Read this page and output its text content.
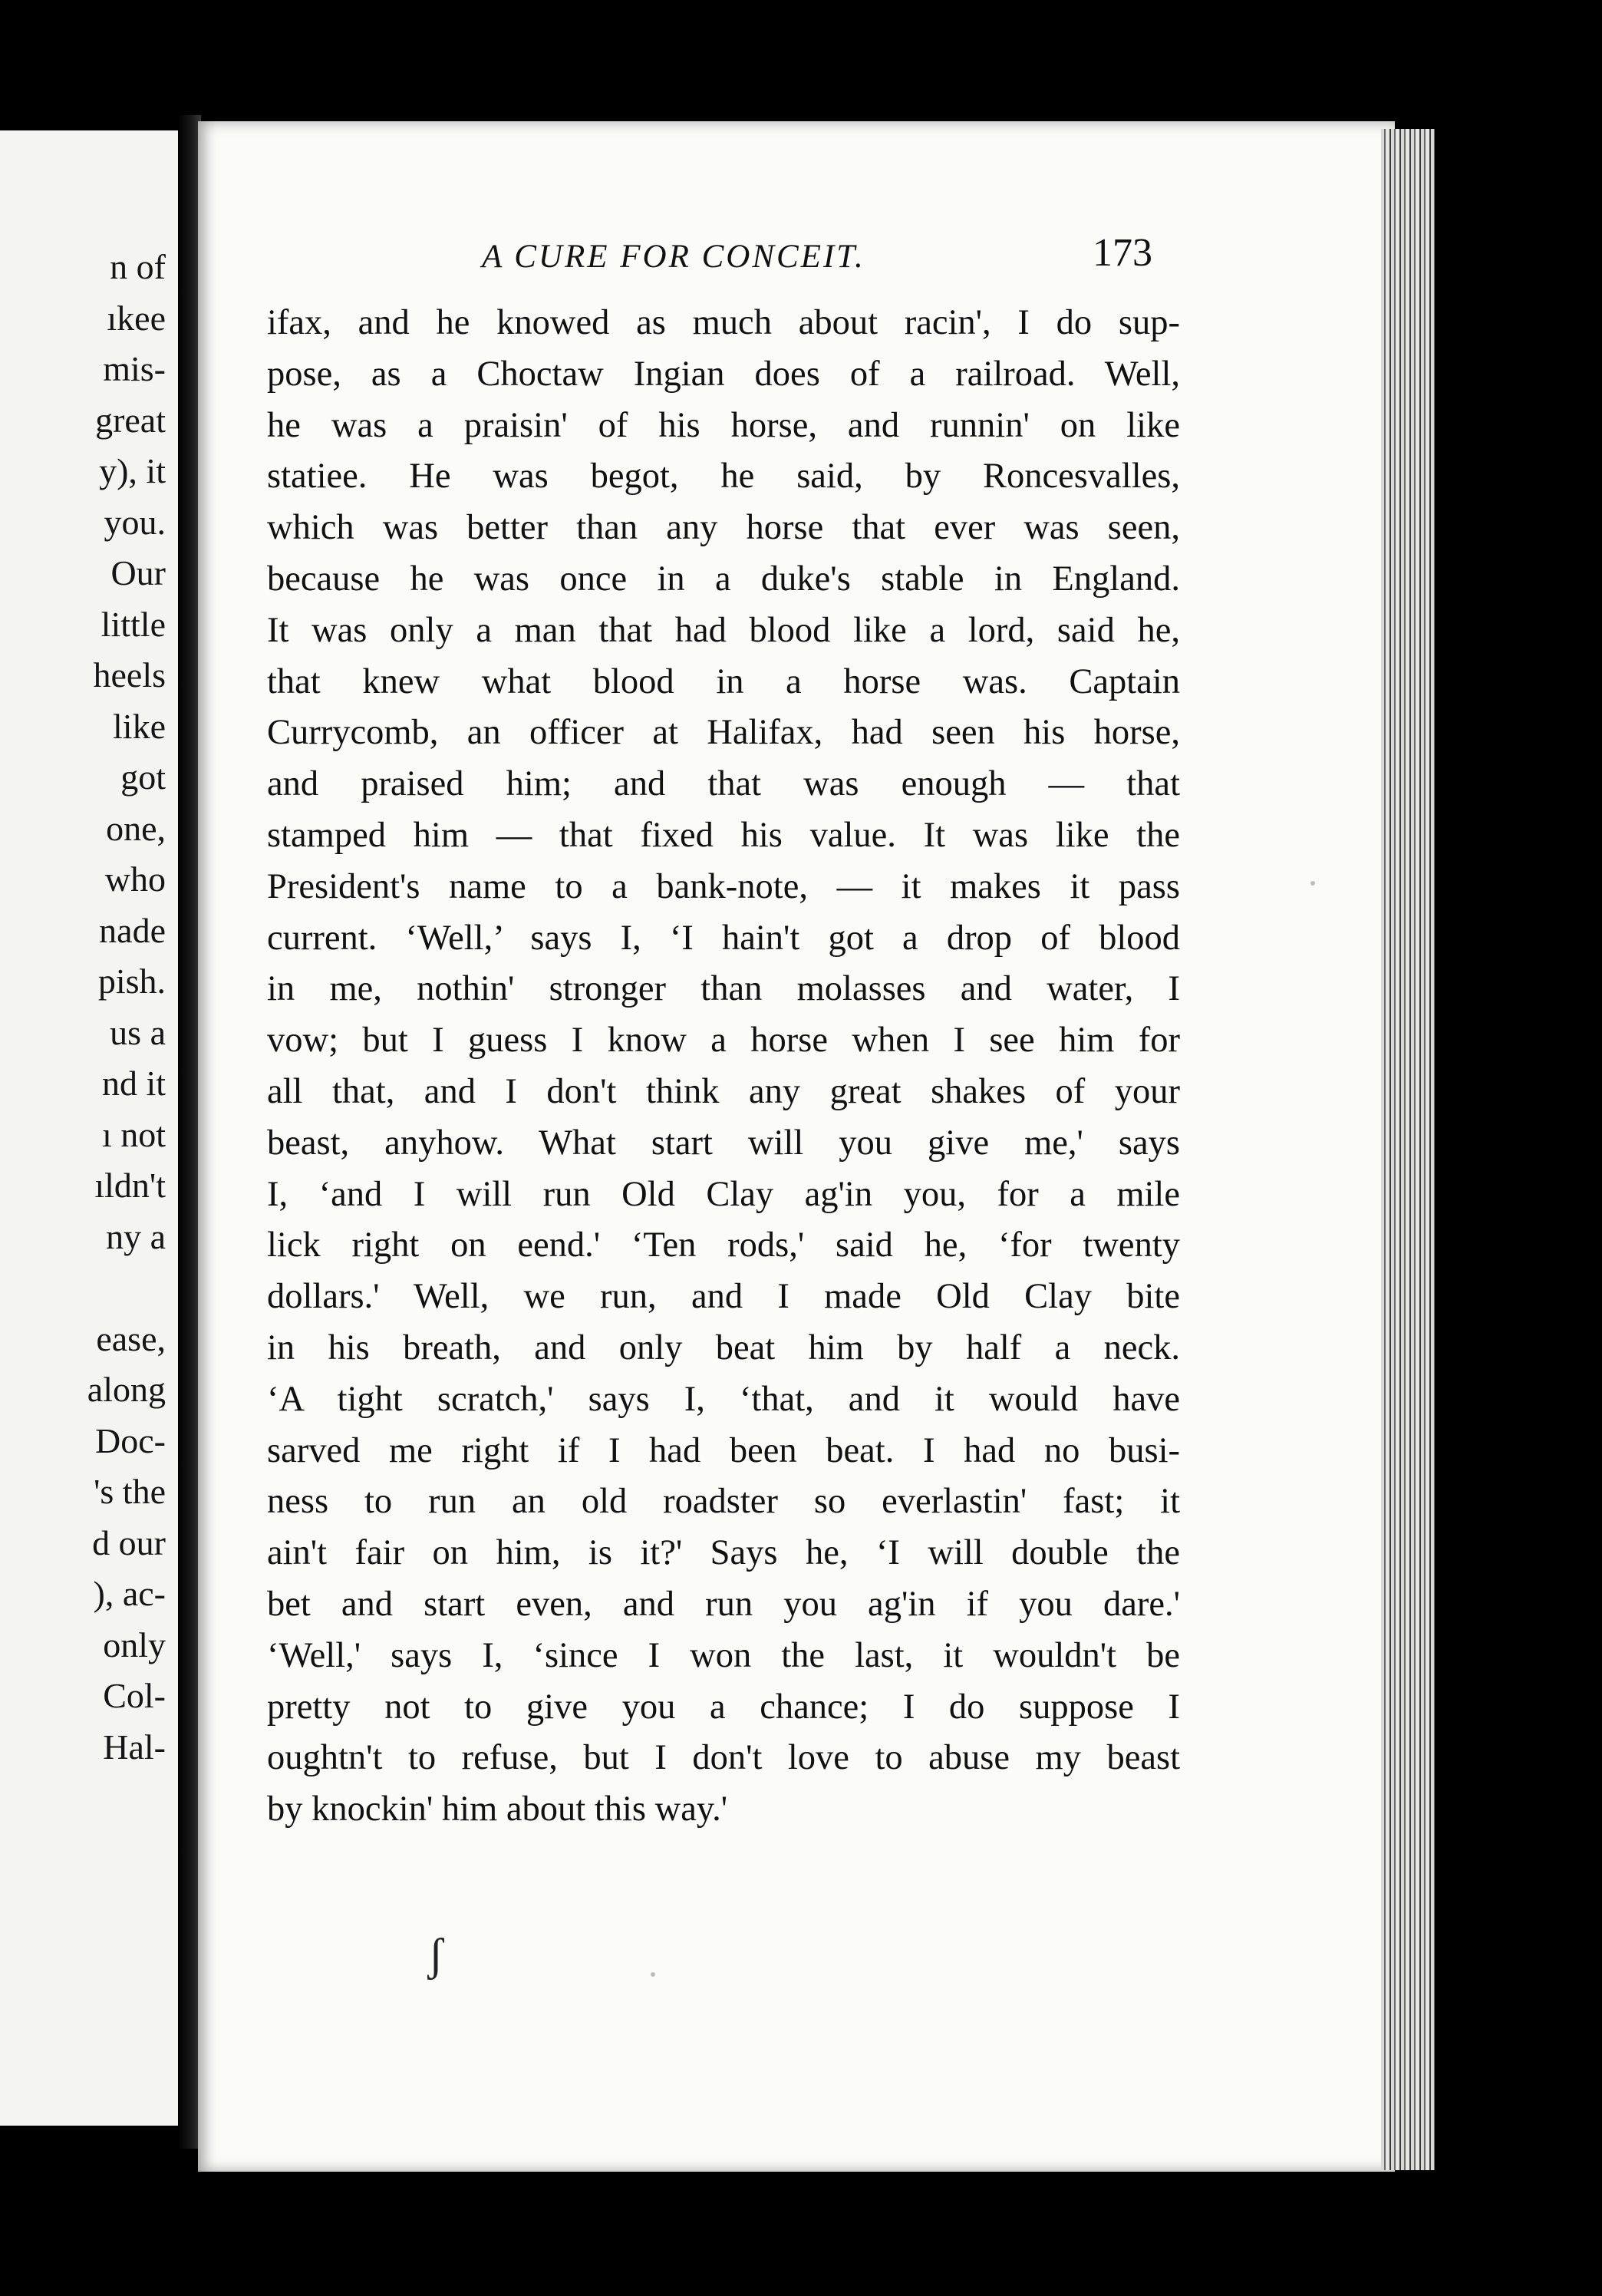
n of
ıkee
mis-
great
y), it
you.
Our
little
heels
like
got
one,
who
nade
pish.
us a
nd it
ı not
ıldn't
ny a
ease,
along
Doc-
's the
d our
), ac-
only
Col-
Hal-
A CURE FOR CONCEIT.	173
ifax, and he knowed as much about racin', I do sup-
pose, as a Choctaw Ingian does of a railroad. Well,
he was a praisin' of his horse, and runnin' on like
statiee. He was begot, he said, by Roncesvalles,
which was better than any horse that ever was seen,
because he was once in a duke's stable in England.
It was only a man that had blood like a lord, said he,
that knew what blood in a horse was. Captain
Currycomb, an officer at Halifax, had seen his horse,
and praised him; and that was enough — that
stamped him — that fixed his value. It was like the
President's name to a bank-note, — it makes it pass
current. ‘Well,’ says I, ‘I hain't got a drop of blood
in me, nothin' stronger than molasses and water, I
vow; but I guess I know a horse when I see him for
all that, and I don't think any great shakes of your
beast, anyhow. What start will you give me,' says
I, ‘and I will run Old Clay ag'in you, for a mile
lick right on eend.' ‘Ten rods,' said he, ‘for twenty
dollars.' Well, we run, and I made Old Clay bite
in his breath, and only beat him by half a neck.
‘A tight scratch,' says I, ‘that, and it would have
sarved me right if I had been beat. I had no busi-
ness to run an old roadster so everlastin' fast; it
ain't fair on him, is it?' Says he, ‘I will double the
bet and start even, and run you ag'in if you dare.'
‘Well,' says I, ‘since I won the last, it wouldn't be
pretty not to give you a chance; I do suppose I
oughtn't to refuse, but I don't love to abuse my beast
by knockin' him about this way.'
ʃ
